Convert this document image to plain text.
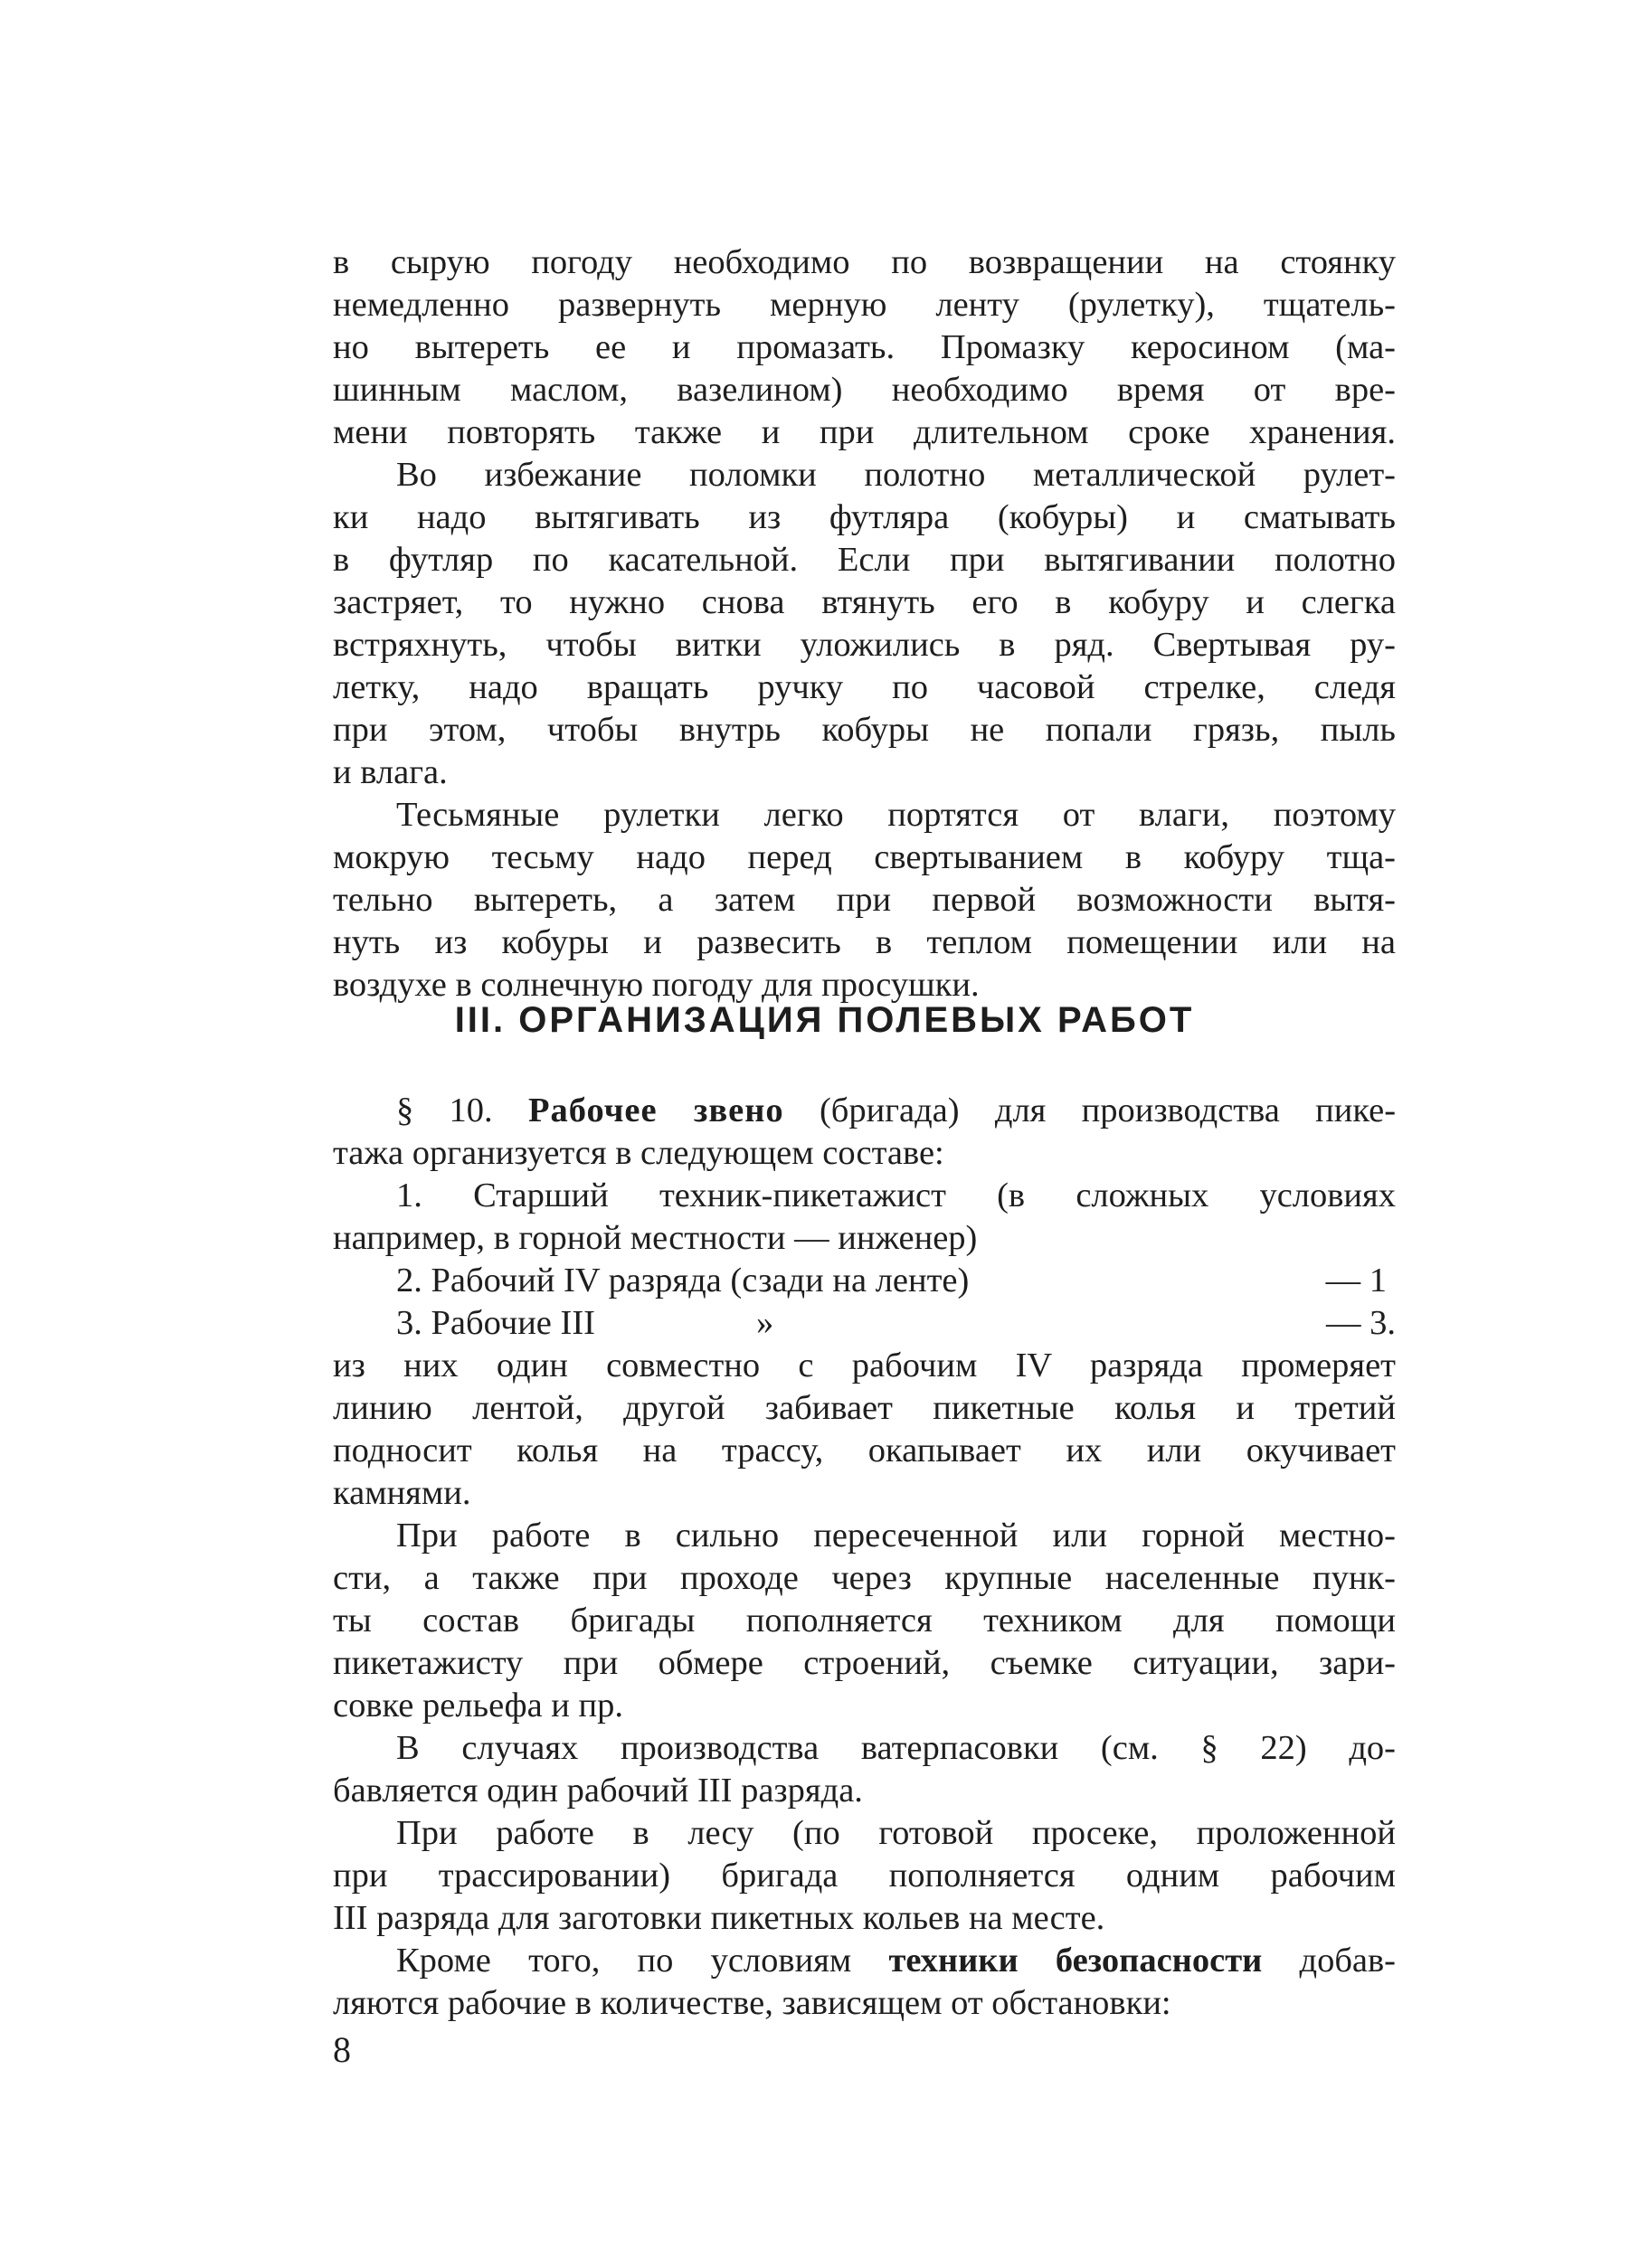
в сырую погоду необходимо по возвращении на стоянку
немедленно развернуть мерную ленту (рулетку), тщатель-
но вытереть ее и промазать. Промазку керосином (ма-
шинным маслом, вазелином) необходимо время от вре-
мени повторять также и при длительном сроке хранения.
Во избежание поломки полотно металлической рулет-
ки надо вытягивать из футляра (кобуры) и сматывать
в футляр по касательной. Если при вытягивании полотно
застряет, то нужно снова втянуть его в кобуру и слегка
встряхнуть, чтобы витки уложились в ряд. Свертывая ру-
летку, надо вращать ручку по часовой стрелке, следя
при этом, чтобы внутрь кобуры не попали грязь, пыль
и влага.
Тесьмяные рулетки легко портятся от влаги, поэтому
мокрую тесьму надо перед свертыванием в кобуру тща-
тельно вытереть, а затем при первой возможности вытя-
нуть из кобуры и развесить в теплом помещении или на
воздухе в солнечную погоду для просушки.
III. ОРГАНИЗАЦИЯ ПОЛЕВЫХ РАБОТ
§ 10. Рабочее звено (бригада) для производства пике-
тажа организуется в следующем составе:
1. Старший техник-пикетажист (в сложных условиях
например, в горной местности — инженер)
2. Рабочий IV разряда (сзади на ленте)	— 1
3. Рабочие III	»	— 3.
из них один совместно с рабочим IV разряда промеряет
линию лентой, другой забивает пикетные колья и третий
подносит колья на трассу, окапывает их или окучивает
камнями.
При работе в сильно пересеченной или горной местно-
сти, а также при проходе через крупные населенные пунк-
ты состав бригады пополняется техником для помощи
пикетажисту при обмере строений, съемке ситуации, зари-
совке рельефа и пр.
В случаях производства ватерпасовки (см. § 22) до-
бавляется один рабочий III разряда.
При работе в лесу (по готовой просеке, проложенной
при трассировании) бригада пополняется одним рабочим
III разряда для заготовки пикетных кольев на месте.
Кроме того, по условиям техники безопасности добав-
ляются рабочие в количестве, зависящем от обстановки:
8
